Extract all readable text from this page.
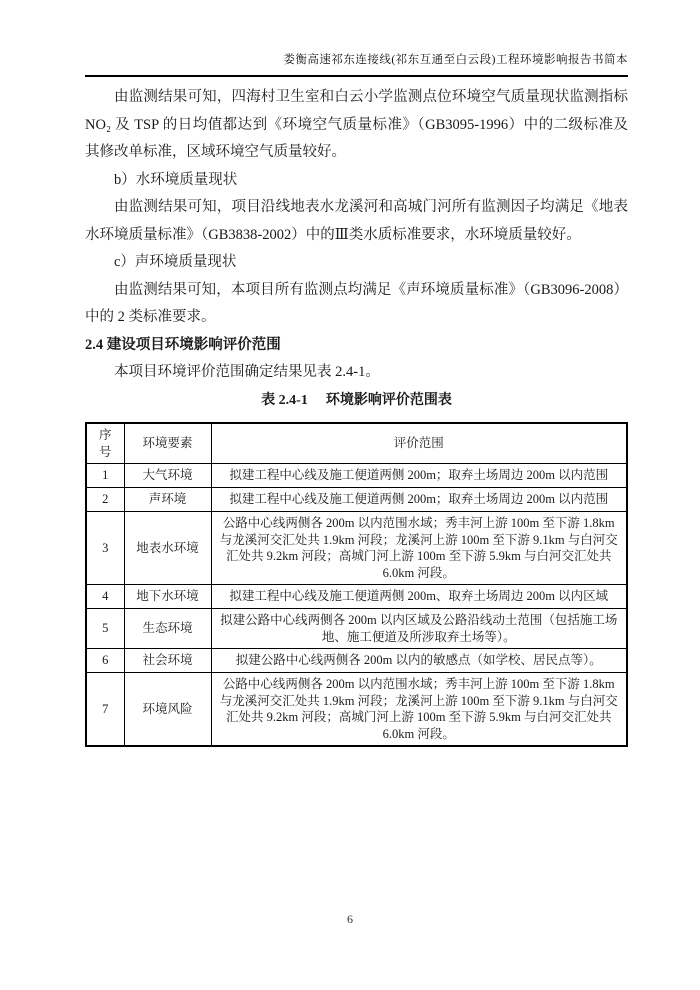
娄衡高速祁东连接线(祁东互通至白云段)工程环境影响报告书简本

由监测结果可知，四海村卫生室和白云小学监测点位环境空气质量现状监测指标 NO₂ 及 TSP 的日均值都达到《环境空气质量标准》（GB3095-1996）中的二级标准及其修改单标准，区域环境空气质量较好。

b）水环境质量现状

由监测结果可知，项目沿线地表水龙溪河和高城门河所有监测因子均满足《地表水环境质量标准》（GB3838-2002）中的Ⅲ类水质标准要求，水环境质量较好。

c）声环境质量现状

由监测结果可知，本项目所有监测点均满足《声环境质量标准》（GB3096-2008）中的 2 类标准要求。

2.4 建设项目环境影响评价范围

本项目环境评价范围确定结果见表 2.4-1。

表 2.4-1 环境影响评价范围表

序号	环境要素	评价范围
1	大气环境	拟建工程中心线及施工便道两侧 200m；取弃土场周边 200m 以内范围
2	声环境	拟建工程中心线及施工便道两侧 200m；取弃土场周边 200m 以内范围
3	地表水环境	公路中心线两侧各 200m 以内范围水域；秀丰河上游 100m 至下游 1.8km 与龙溪河交汇处共 1.9km 河段；龙溪河上游 100m 至下游 9.1km 与白河交汇处共 9.2km 河段；高城门河上游 100m 至下游 5.9km 与白河交汇处共 6.0km 河段。
4	地下水环境	拟建工程中心线及施工便道两侧 200m、取弃土场周边 200m 以内区域
5	生态环境	拟建公路中心线两侧各 200m 以内区域及公路沿线动土范围（包括施工场地、施工便道及所涉取弃土场等）。
6	社会环境	拟建公路中心线两侧各 200m 以内的敏感点（如学校、居民点等）。
7	环境风险	公路中心线两侧各 200m 以内范围水域；秀丰河上游 100m 至下游 1.8km 与龙溪河交汇处共 1.9km 河段；龙溪河上游 100m 至下游 9.1km 与白河交汇处共 9.2km 河段；高城门河上游 100m 至下游 5.9km 与白河交汇处共 6.0km 河段。
6
